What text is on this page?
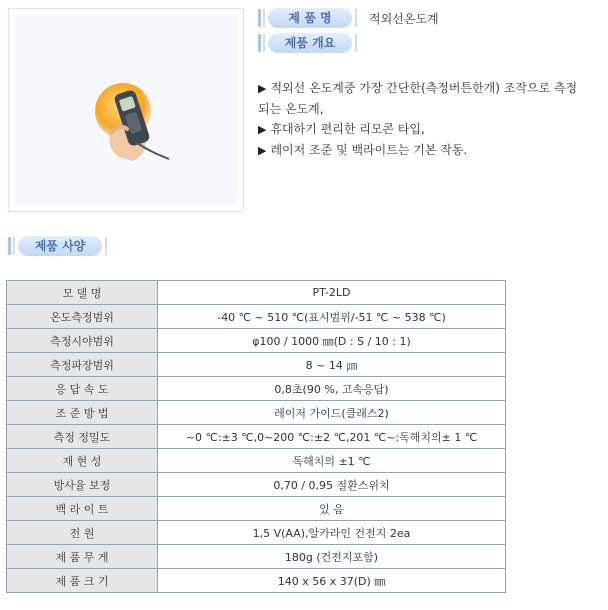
제 품 명	적외선온도계
제품 개요
▶ 적외선 온도계중 가장 간단한(측정버튼한개) 조작으로 측정
되는 온도계,
▶ 휴대하기 편리한 리모콘 타입,
▶ 레이저 조준 및 백라이트는 기본 작동.
제품 사양
모 델 명	PT-2LD
온도측정범위	-40 ℃ ~ 510 ℃(표시범위/-51 ℃ ~ 538 ℃)
측정시야범위	φ100 / 1000 ㎜(D : S / 10 : 1)
측정파장범위	8 ~ 14 ㎛
응 답 속 도	0,8초(90 %, 고속응답)
조 준 방 법	레이저 가이드(클래스2)
측정 정밀도	~0 ℃:±3 ℃,0~200 ℃:±2 ℃,201 ℃~:독해치의± 1 ℃
재 현 성	독해치의 ±1 ℃
방사율 보정	0,70 / 0,95 절환스위치
백 라 이 트	있 음
전 원	1,5 V(AA),알카라인 건전지 2ea
제 품 무 게	180g (건전지포함)
제 품 크 기	140 x 56 x 37(D) ㎜
